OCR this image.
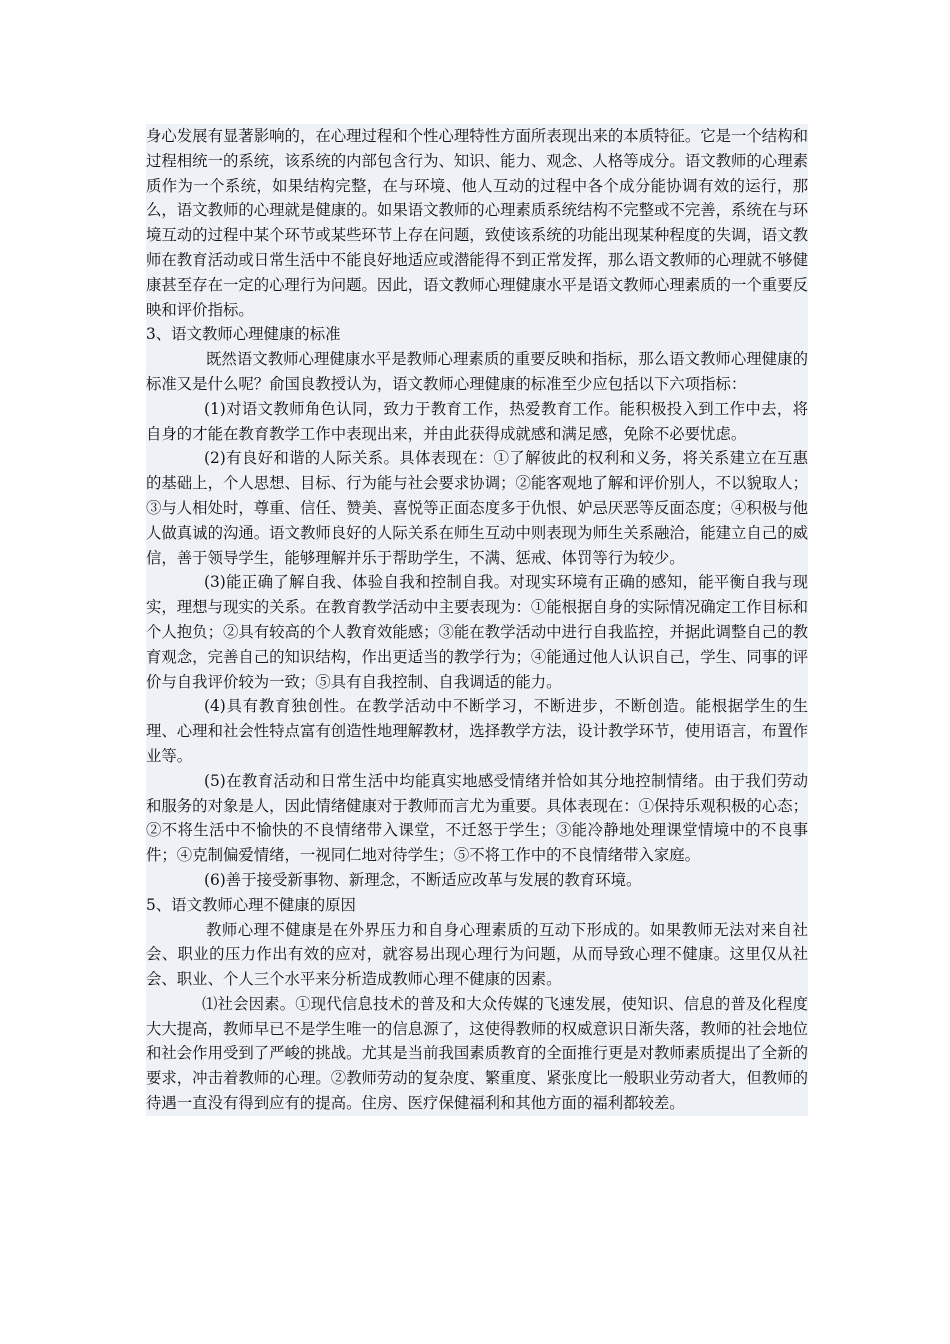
身心发展有显著影响的，在心理过程和个性心理特性方面所表现出来的本质特征。它是一个结构和过程相统一的系统，该系统的内部包含行为、知识、能力、观念、人格等成分。语文教师的心理素质作为一个系统，如果结构完整，在与环境、他人互动的过程中各个成分能协调有效的运行，那么，语文教师的心理就是健康的。如果语文教师的心理素质系统结构不完整或不完善，系统在与环境互动的过程中某个环节或某些环节上存在问题，致使该系统的功能出现某种程度的失调，语文教师在教育活动或日常生活中不能良好地适应或潜能得不到正常发挥，那么语文教师的心理就不够健康甚至存在一定的心理行为问题。因此，语文教师心理健康水平是语文教师心理素质的一个重要反映和评价指标。

3、语文教师心理健康的标准

既然语文教师心理健康水平是教师心理素质的重要反映和指标，那么语文教师心理健康的标准又是什么呢？俞国良教授认为，语文教师心理健康的标准至少应包括以下六项指标：

(1)对语文教师角色认同，致力于教育工作，热爱教育工作。能积极投入到工作中去，将自身的才能在教育教学工作中表现出来，并由此获得成就感和满足感，免除不必要忧虑。

(2)有良好和谐的人际关系。具体表现在：①了解彼此的权利和义务，将关系建立在互惠的基础上，个人思想、目标、行为能与社会要求协调；②能客观地了解和评价别人，不以貌取人；③与人相处时，尊重、信任、赞美、喜悦等正面态度多于仇恨、妒忌厌恶等反面态度；④积极与他人做真诚的沟通。语文教师良好的人际关系在师生互动中则表现为师生关系融洽，能建立自己的威信，善于领导学生，能够理解并乐于帮助学生，不满、惩戒、体罚等行为较少。

(3)能正确了解自我、体验自我和控制自我。对现实环境有正确的感知，能平衡自我与现实，理想与现实的关系。在教育教学活动中主要表现为：①能根据自身的实际情况确定工作目标和个人抱负；②具有较高的个人教育效能感；③能在教学活动中进行自我监控，并据此调整自己的教育观念，完善自己的知识结构，作出更适当的教学行为；④能通过他人认识自己，学生、同事的评价与自我评价较为一致；⑤具有自我控制、自我调适的能力。

(4)具有教育独创性。在教学活动中不断学习，不断进步，不断创造。能根据学生的生理、心理和社会性特点富有创造性地理解教材，选择教学方法，设计教学环节，使用语言，布置作业等。

(5)在教育活动和日常生活中均能真实地感受情绪并恰如其分地控制情绪。由于我们劳动和服务的对象是人，因此情绪健康对于教师而言尤为重要。具体表现在：①保持乐观积极的心态；②不将生活中不愉快的不良情绪带入课堂，不迁怒于学生；③能冷静地处理课堂情境中的不良事件；④克制偏爱情绪，一视同仁地对待学生；⑤不将工作中的不良情绪带入家庭。

(6)善于接受新事物、新理念，不断适应改革与发展的教育环境。

5、语文教师心理不健康的原因

教师心理不健康是在外界压力和自身心理素质的互动下形成的。如果教师无法对来自社会、职业的压力作出有效的应对，就容易出现心理行为问题，从而导致心理不健康。这里仅从社会、职业、个人三个水平来分析造成教师心理不健康的因素。

⑴社会因素。①现代信息技术的普及和大众传媒的飞速发展，使知识、信息的普及化程度大大提高，教师早已不是学生唯一的信息源了，这使得教师的权威意识日渐失落，教师的社会地位和社会作用受到了严峻的挑战。尤其是当前我国素质教育的全面推行更是对教师素质提出了全新的要求，冲击着教师的心理。②教师劳动的复杂度、繁重度、紧张度比一般职业劳动者大，但教师的待遇一直没有得到应有的提高。住房、医疗保健福利和其他方面的福利都较差。
